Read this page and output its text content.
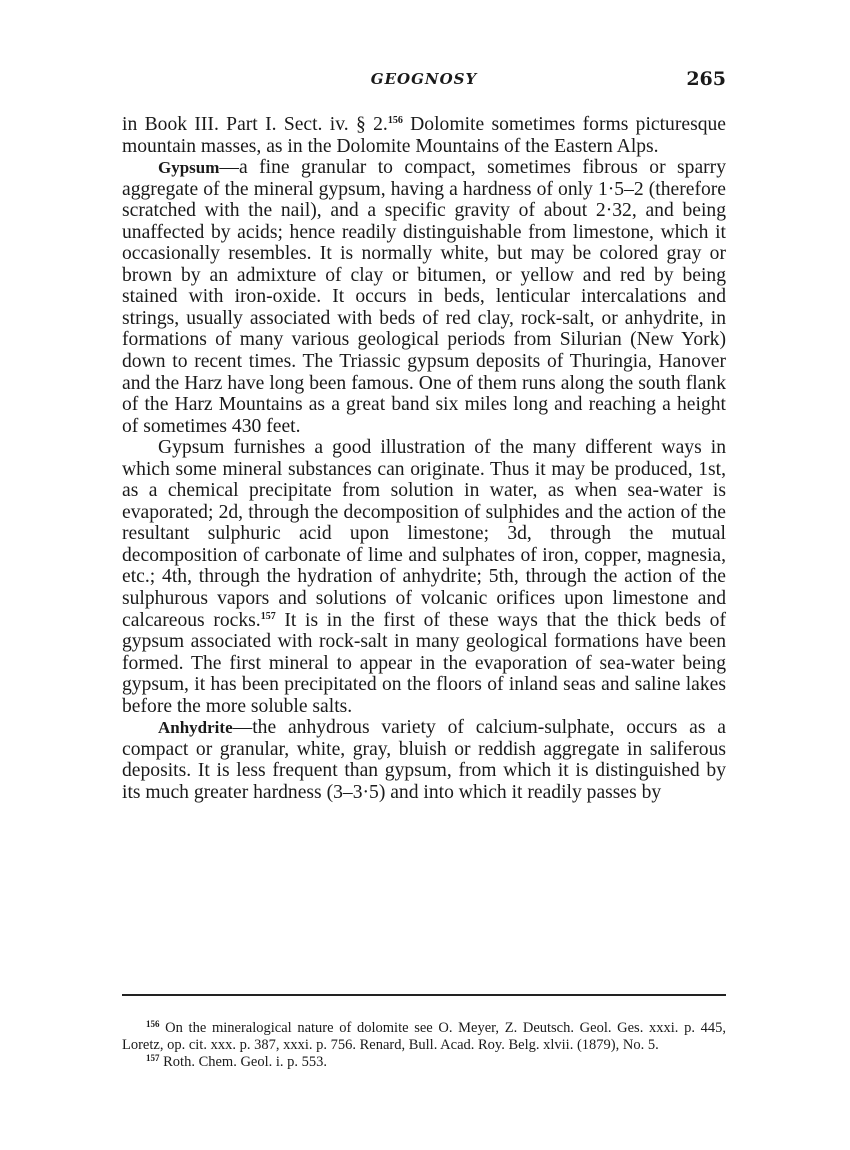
GEOGNOSY	265

in Book III. Part I. Sect. iv. § 2.$^{156}$ Dolomite sometimes forms picturesque mountain masses, as in the Dolomite Mountains of the Eastern Alps.

Gypsum—a fine granular to compact, sometimes fibrous or sparry aggregate of the mineral gypsum, having a hardness of only 1·5–2 (therefore scratched with the nail), and a specific gravity of about 2·32, and being unaffected by acids; hence readily distinguishable from limestone, which it occasionally resembles. It is normally white, but may be colored gray or brown by an admixture of clay or bitumen, or yellow and red by being stained with iron-oxide. It occurs in beds, lenticular intercalations and strings, usually associated with beds of red clay, rock-salt, or anhydrite, in formations of many various geological periods from Silurian (New York) down to recent times. The Triassic gypsum deposits of Thuringia, Hanover and the Harz have long been famous. One of them runs along the south flank of the Harz Mountains as a great band six miles long and reaching a height of sometimes 430 feet.

Gypsum furnishes a good illustration of the many different ways in which some mineral substances can originate. Thus it may be produced, 1st, as a chemical precipitate from solution in water, as when sea-water is evaporated; 2d, through the decomposition of sulphides and the action of the resultant sulphuric acid upon limestone; 3d, through the mutual decomposition of carbonate of lime and sulphates of iron, copper, magnesia, etc.; 4th, through the hydration of anhydrite; 5th, through the action of the sulphurous vapors and solutions of volcanic orifices upon limestone and calcareous rocks.$^{157}$ It is in the first of these ways that the thick beds of gypsum associated with rock-salt in many geological formations have been formed. The first mineral to appear in the evaporation of sea-water being gypsum, it has been precipitated on the floors of inland seas and saline lakes before the more soluble salts.

Anhydrite—the anhydrous variety of calcium-sulphate, occurs as a compact or granular, white, gray, bluish or reddish aggregate in saliferous deposits. It is less frequent than gypsum, from which it is distinguished by its much greater hardness (3–3·5) and into which it readily passes by

$^{156}$ On the mineralogical nature of dolomite see O. Meyer, Z. Deutsch. Geol. Ges. xxxi. p. 445, Loretz, op. cit. xxx. p. 387, xxxi. p. 756. Renard, Bull. Acad. Roy. Belg. xlvii. (1879), No. 5.

$^{157}$ Roth. Chem. Geol. i. p. 553.
